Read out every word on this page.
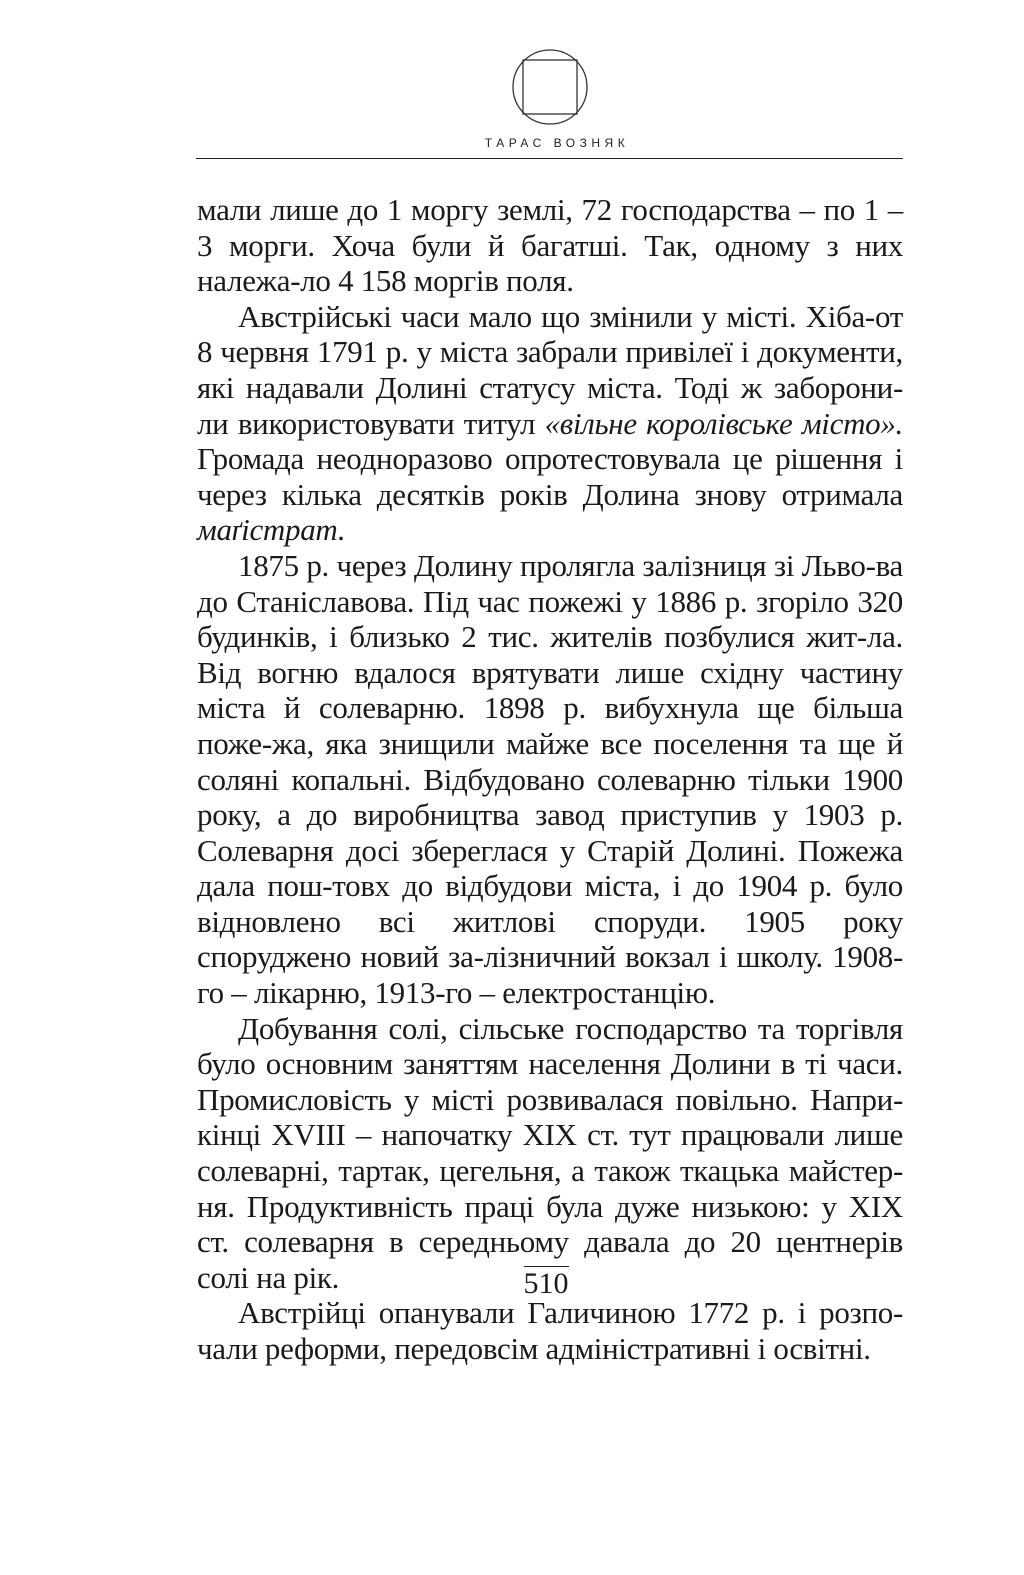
ТАРАС ВОЗНЯК

мали лише до 1 моргу землі, 72 господарства – по 1 – 3 морги. Хоча були й багатші. Так, одному з них належа-ло 4 158 моргів поля.

Австрійські часи мало що змінили у місті. Хіба-от 8 червня 1791 р. у міста забрали привілеї і документи, які надавали Долині статусу міста. Тоді ж заборони-ли використовувати титул «вільне королівське місто». Громада неодноразово опротестовувала це рішення і через кілька десятків років Долина знову отримала маґістрат.

1875 р. через Долину пролягла залізниця зі Льво-ва до Станіславова. Під час пожежі у 1886 р. згоріло 320 будинків, і близько 2 тис. жителів позбулися жит-ла. Від вогню вдалося врятувати лише східну частину міста й солеварню. 1898 р. вибухнула ще більша поже-жа, яка знищили майже все поселення та ще й соляні копальні. Відбудовано солеварню тільки 1900 року, а до виробництва завод приступив у 1903 р. Солеварня досі збереглася у Старій Долині. Пожежа дала пош-товх до відбудови міста, і до 1904 р. було відновлено всі житлові споруди. 1905 року споруджено новий за-лізничний вокзал і школу. 1908-го – лікарню, 1913-го – електростанцію.

Добування солі, сільське господарство та торгівля було основним заняттям населення Долини в ті часи. Промисловість у місті розвивалася повільно. Напри-кінці XVIII – напочатку XIX ст. тут працювали лише солеварні, тартак, цегельня, а також ткацька майстер-ня. Продуктивність праці була дуже низькою: у XIX ст. солеварня в середньому давала до 20 центнерів солі на рік.

Австрійці опанували Галичиною 1772 р. і розпо-чали реформи, передовсім адміністративні і освітні.

510
